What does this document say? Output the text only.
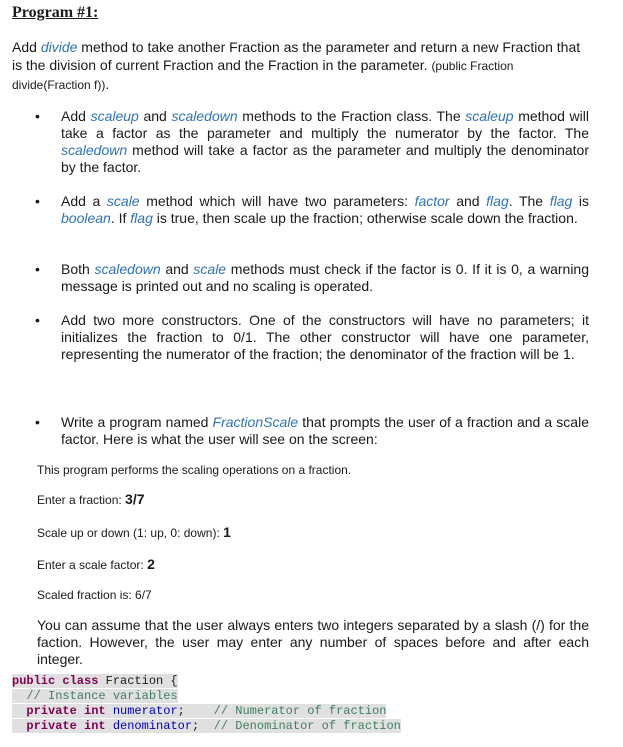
Program #1:
Add divide method to take another Fraction as the parameter and return a new Fraction that is the division of current Fraction and the Fraction in the parameter. (public Fraction divide(Fraction f)).
• Add scaleup and scaledown methods to the Fraction class. The scaleup method will take a factor as the parameter and multiply the numerator by the factor. The scaledown method will take a factor as the parameter and multiply the denominator by the factor.
• Add a scale method which will have two parameters: factor and flag. The flag is boolean. If flag is true, then scale up the fraction; otherwise scale down the fraction.
• Both scaledown and scale methods must check if the factor is 0. If it is 0, a warning message is printed out and no scaling is operated.
• Add two more constructors. One of the constructors will have no parameters; it initializes the fraction to 0/1. The other constructor will have one parameter, representing the numerator of the fraction; the denominator of the fraction will be 1.
• Write a program named FractionScale that prompts the user of a fraction and a scale factor. Here is what the user will see on the screen:
This program performs the scaling operations on a fraction.
Enter a fraction: 3/7
Scale up or down (1: up, 0: down): 1
Enter a scale factor: 2
Scaled fraction is: 6/7
You can assume that the user always enters two integers separated by a slash (/) for the faction. However, the user may enter any number of spaces before and after each integer.
public class Fraction {
// Instance variables
private int numerator; // Numerator of fraction
private int denominator; // Denominator of fraction
